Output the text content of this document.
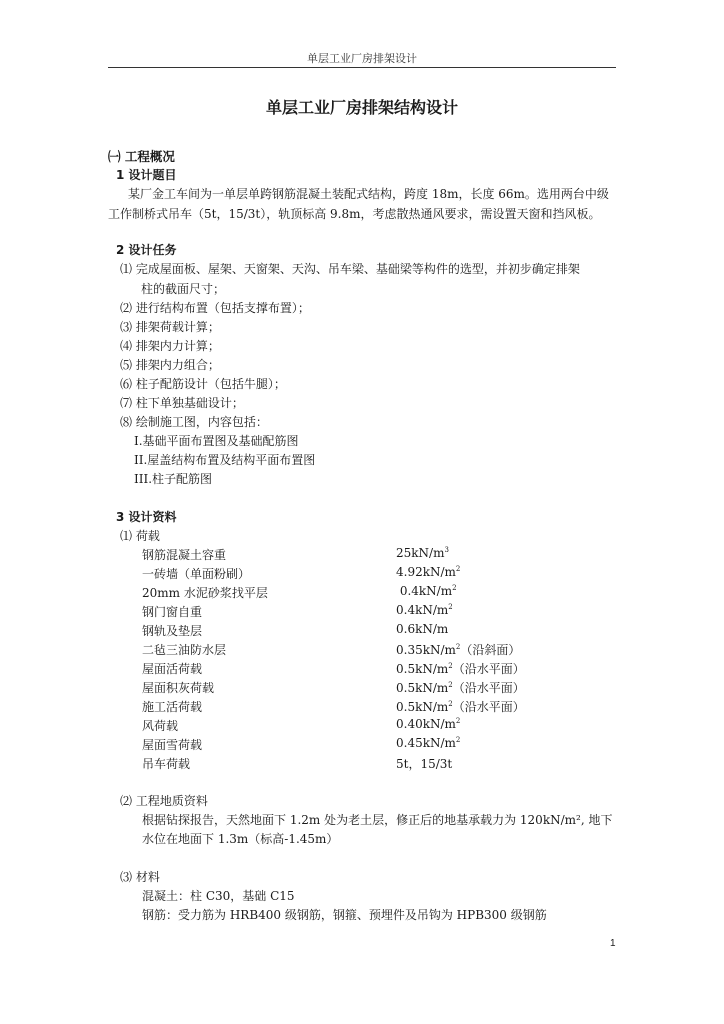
单层工业厂房排架设计
单层工业厂房排架结构设计
㈠ 工程概况
1 设计题目
某厂金工车间为一单层单跨钢筋混凝土装配式结构，跨度 18m，长度 66m。选用两台中级
工作制桥式吊车（5t，15/3t），轨顶标高 9.8m，考虑散热通风要求，需设置天窗和挡风板。
2 设计任务
⑴ 完成屋面板、屋架、天窗架、天沟、吊车梁、基础梁等构件的选型，并初步确定排架
柱的截面尺寸；
⑵ 进行结构布置（包括支撑布置）；
⑶ 排架荷载计算；
⑷ 排架内力计算；
⑸ 排架内力组合；
⑹ 柱子配筋设计（包括牛腿）；
⑺ 柱下单独基础设计；
⑻ 绘制施工图，内容包括：
I.基础平面布置图及基础配筋图
II.屋盖结构布置及结构平面布置图
III.柱子配筋图
3 设计资料
⑴ 荷载
钢筋混凝土容重	$25kN/m^3$
一砖墙（单面粉刷）	$4.92kN/m^2$
20mm 水泥砂浆找平层	$0.4kN/m^2$
钢门窗自重	$0.4kN/m^2$
钢轨及垫层	0.6kN/m
二毡三油防水层	$0.35kN/m^2$（沿斜面）
屋面活荷载	$0.5kN/m^2$（沿水平面）
屋面积灰荷载	$0.5kN/m^2$（沿水平面）
施工活荷载	$0.5kN/m^2$（沿水平面）
风荷载	$0.40kN/m^2$
屋面雪荷载	$0.45kN/m^2$
吊车荷载	5t，15/3t
⑵ 工程地质资料
根据钻探报告，天然地面下 1.2m 处为老土层，修正后的地基承载力为 120kN/m², 地下
水位在地面下 1.3m（标高-1.45m）
⑶ 材料
混凝土：柱 C30，基础 C15
钢筋：受力筋为 HRB400 级钢筋，钢箍、预埋件及吊钩为 HPB300 级钢筋
1
